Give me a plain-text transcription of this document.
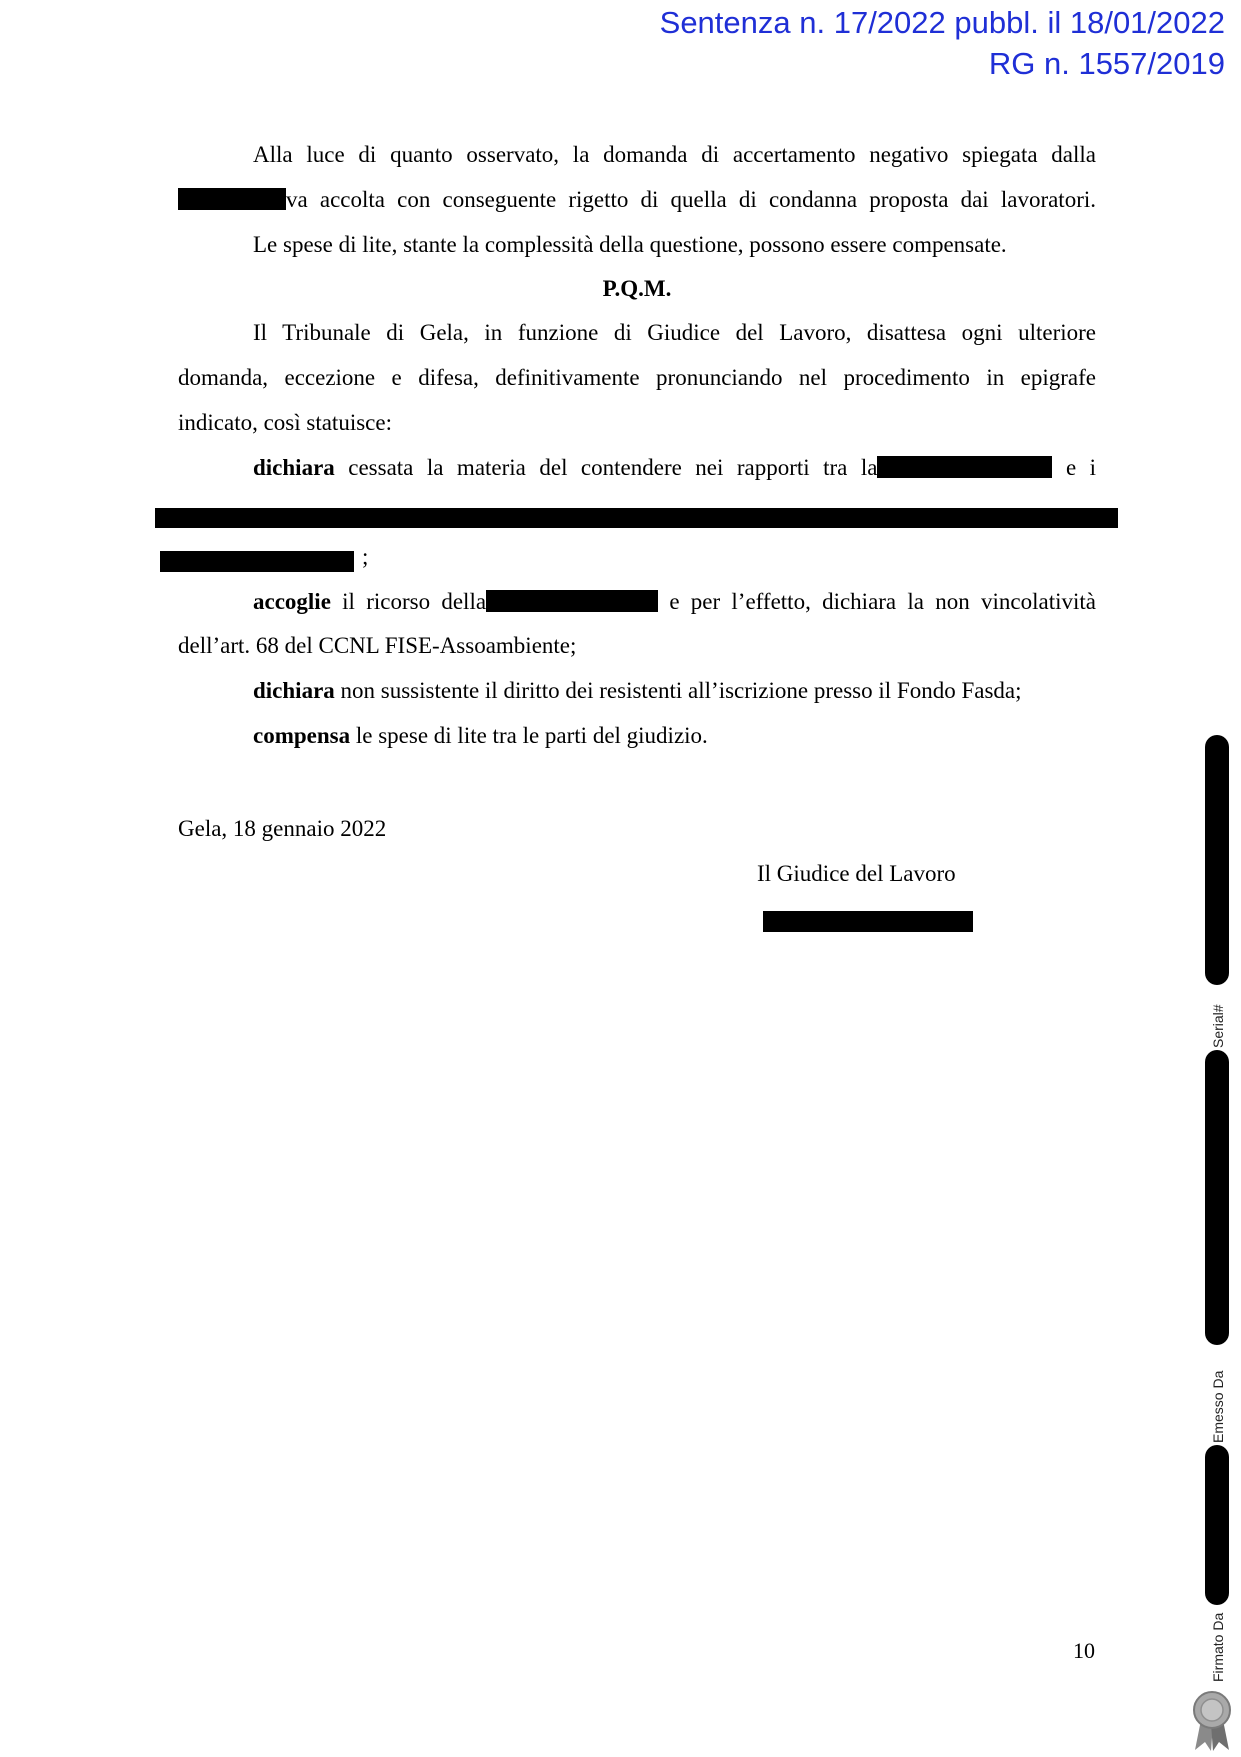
Sentenza n. 17/2022 pubbl. il 18/01/2022
RG n. 1557/2019
Alla luce di quanto osservato, la domanda di accertamento negativo spiegata dalla
va accolta con conseguente rigetto di quella di condanna proposta dai lavoratori.
Le spese di lite, stante la complessità della questione, possono essere compensate.
P.Q.M.
Il Tribunale di Gela, in funzione di Giudice del Lavoro, disattesa ogni ulteriore
domanda, eccezione e difesa, definitivamente pronunciando nel procedimento in epigrafe
indicato, così statuisce:
dichiara cessata la materia del contendere nei rapporti tra la	e i
;
accoglie il ricorso della	e per l’effetto, dichiara la non vincolatività
dell’art. 68 del CCNL FISE-Assoambiente;
dichiara non sussistente il diritto dei resistenti all’iscrizione presso il Fondo Fasda;
compensa le spese di lite tra le parti del giudizio.
Gela, 18 gennaio 2022
Il Giudice del Lavoro
10
Serial#
Emesso Da
Firmato Da
